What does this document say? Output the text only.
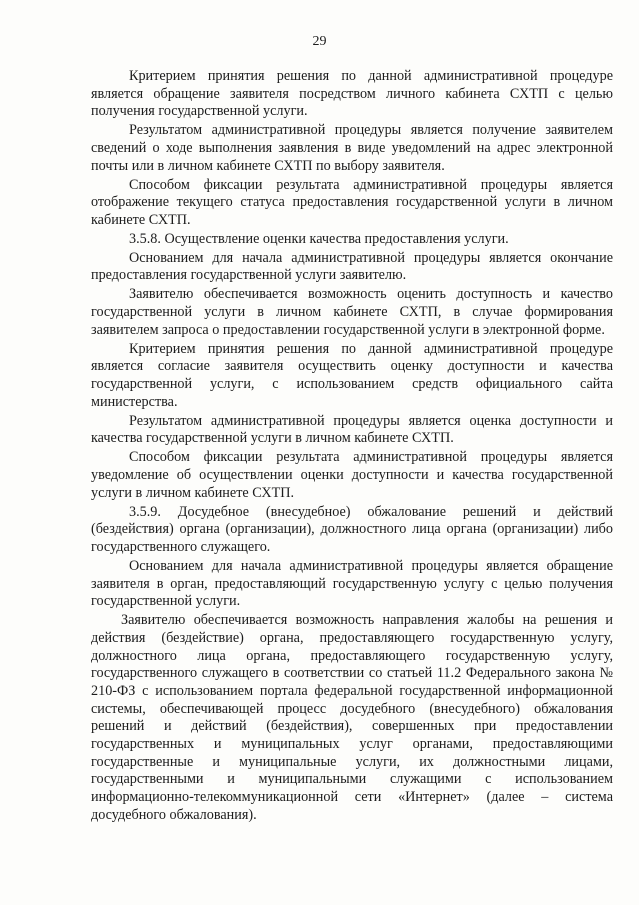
29

Критерием принятия решения по данной административной процедуре является обращение заявителя посредством личного кабинета СХТП с целью получения государственной услуги.

Результатом административной процедуры является получение заявителем сведений о ходе выполнения заявления в виде уведомлений на адрес электронной почты или в личном кабинете СХТП по выбору заявителя.

Способом фиксации результата административной процедуры является отображение текущего статуса предоставления государственной услуги в личном кабинете СХТП.

3.5.8. Осуществление оценки качества предоставления услуги.

Основанием для начала административной процедуры является окончание предоставления государственной услуги заявителю.

Заявителю обеспечивается возможность оценить доступность и качество государственной услуги в личном кабинете СХТП, в случае формирования заявителем запроса о предоставлении государственной услуги в электронной форме.

Критерием принятия решения по данной административной процедуре является согласие заявителя осуществить оценку доступности и качества государственной услуги, с использованием средств официального сайта министерства.

Результатом административной процедуры является оценка доступности и качества государственной услуги в личном кабинете СХТП.

Способом фиксации результата административной процедуры является уведомление об осуществлении оценки доступности и качества государственной услуги в личном кабинете СХТП.

3.5.9. Досудебное (внесудебное) обжалование решений и действий (бездействия) органа (организации), должностного лица органа (организации) либо государственного служащего.

Основанием для начала административной процедуры является обращение заявителя в орган, предоставляющий государственную услугу с целью получения государственной услуги.

Заявителю обеспечивается возможность направления жалобы на решения и действия (бездействие) органа, предоставляющего государственную услугу, должностного лица органа, предоставляющего государственную услугу, государственного служащего в соответствии со статьей 11.2 Федерального закона № 210-ФЗ с использованием портала федеральной государственной информационной системы, обеспечивающей процесс досудебного (внесудебного) обжалования решений и действий (бездействия), совершенных при предоставлении государственных и муниципальных услуг органами, предоставляющими государственные и муниципальные услуги, их должностными лицами, государственными и муниципальными служащими с использованием информационно-телекоммуникационной сети «Интернет» (далее – система досудебного обжалования).
